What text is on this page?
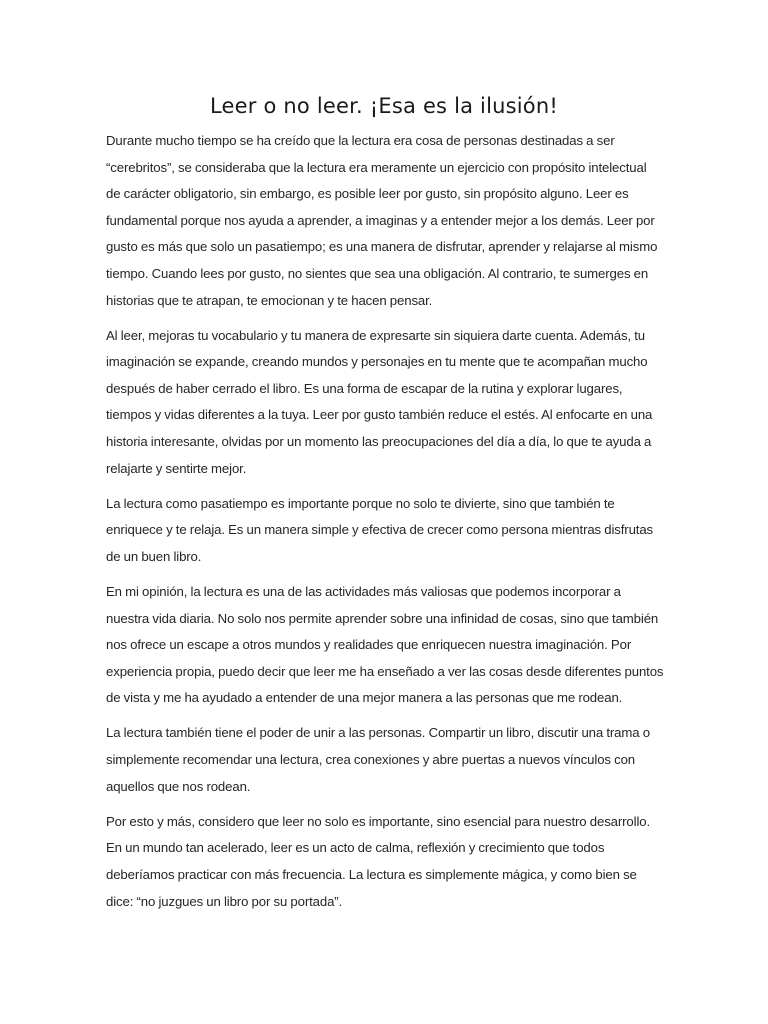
Leer o no leer. ¡Esa es la ilusión!

Durante mucho tiempo se ha creído que la lectura era cosa de personas destinadas a ser “cerebritos”, se consideraba que la lectura era meramente un ejercicio con propósito intelectual de carácter obligatorio, sin embargo, es posible leer por gusto, sin propósito alguno. Leer es fundamental porque nos ayuda a aprender, a imaginas y a entender mejor a los demás. Leer por gusto es más que solo un pasatiempo; es una manera de disfrutar, aprender y relajarse al mismo tiempo. Cuando lees por gusto, no sientes que sea una obligación. Al contrario, te sumerges en historias que te atrapan, te emocionan y te hacen pensar.

Al leer, mejoras tu vocabulario y tu manera de expresarte sin siquiera darte cuenta. Además, tu imaginación se expande, creando mundos y personajes en tu mente que te acompañan mucho después de haber cerrado el libro. Es una forma de escapar de la rutina y explorar lugares, tiempos y vidas diferentes a la tuya. Leer por gusto también reduce el estés. Al enfocarte en una historia interesante, olvidas por un momento las preocupaciones del día a día, lo que te ayuda a relajarte y sentirte mejor.

La lectura como pasatiempo es importante porque no solo te divierte, sino que también te enriquece y te relaja. Es un manera simple y efectiva de crecer como persona mientras disfrutas de un buen libro.

En mi opinión, la lectura es una de las actividades más valiosas que podemos incorporar a nuestra vida diaria. No solo nos permite aprender sobre una infinidad de cosas, sino que también nos ofrece un escape a otros mundos y realidades que enriquecen nuestra imaginación. Por experiencia propia, puedo decir que leer me ha enseñado a ver las cosas desde diferentes puntos de vista y me ha ayudado a entender de una mejor manera a las personas que me rodean.

La lectura también tiene el poder de unir a las personas. Compartir un libro, discutir una trama o simplemente recomendar una lectura, crea conexiones y abre puertas a nuevos vínculos con aquellos que nos rodean.

Por esto y más, considero que leer no solo es importante, sino esencial para nuestro desarrollo. En un mundo tan acelerado, leer es un acto de calma, reflexión y crecimiento que todos deberíamos practicar con más frecuencia. La lectura es simplemente mágica, y como bien se dice: “no juzgues un libro por su portada”.
